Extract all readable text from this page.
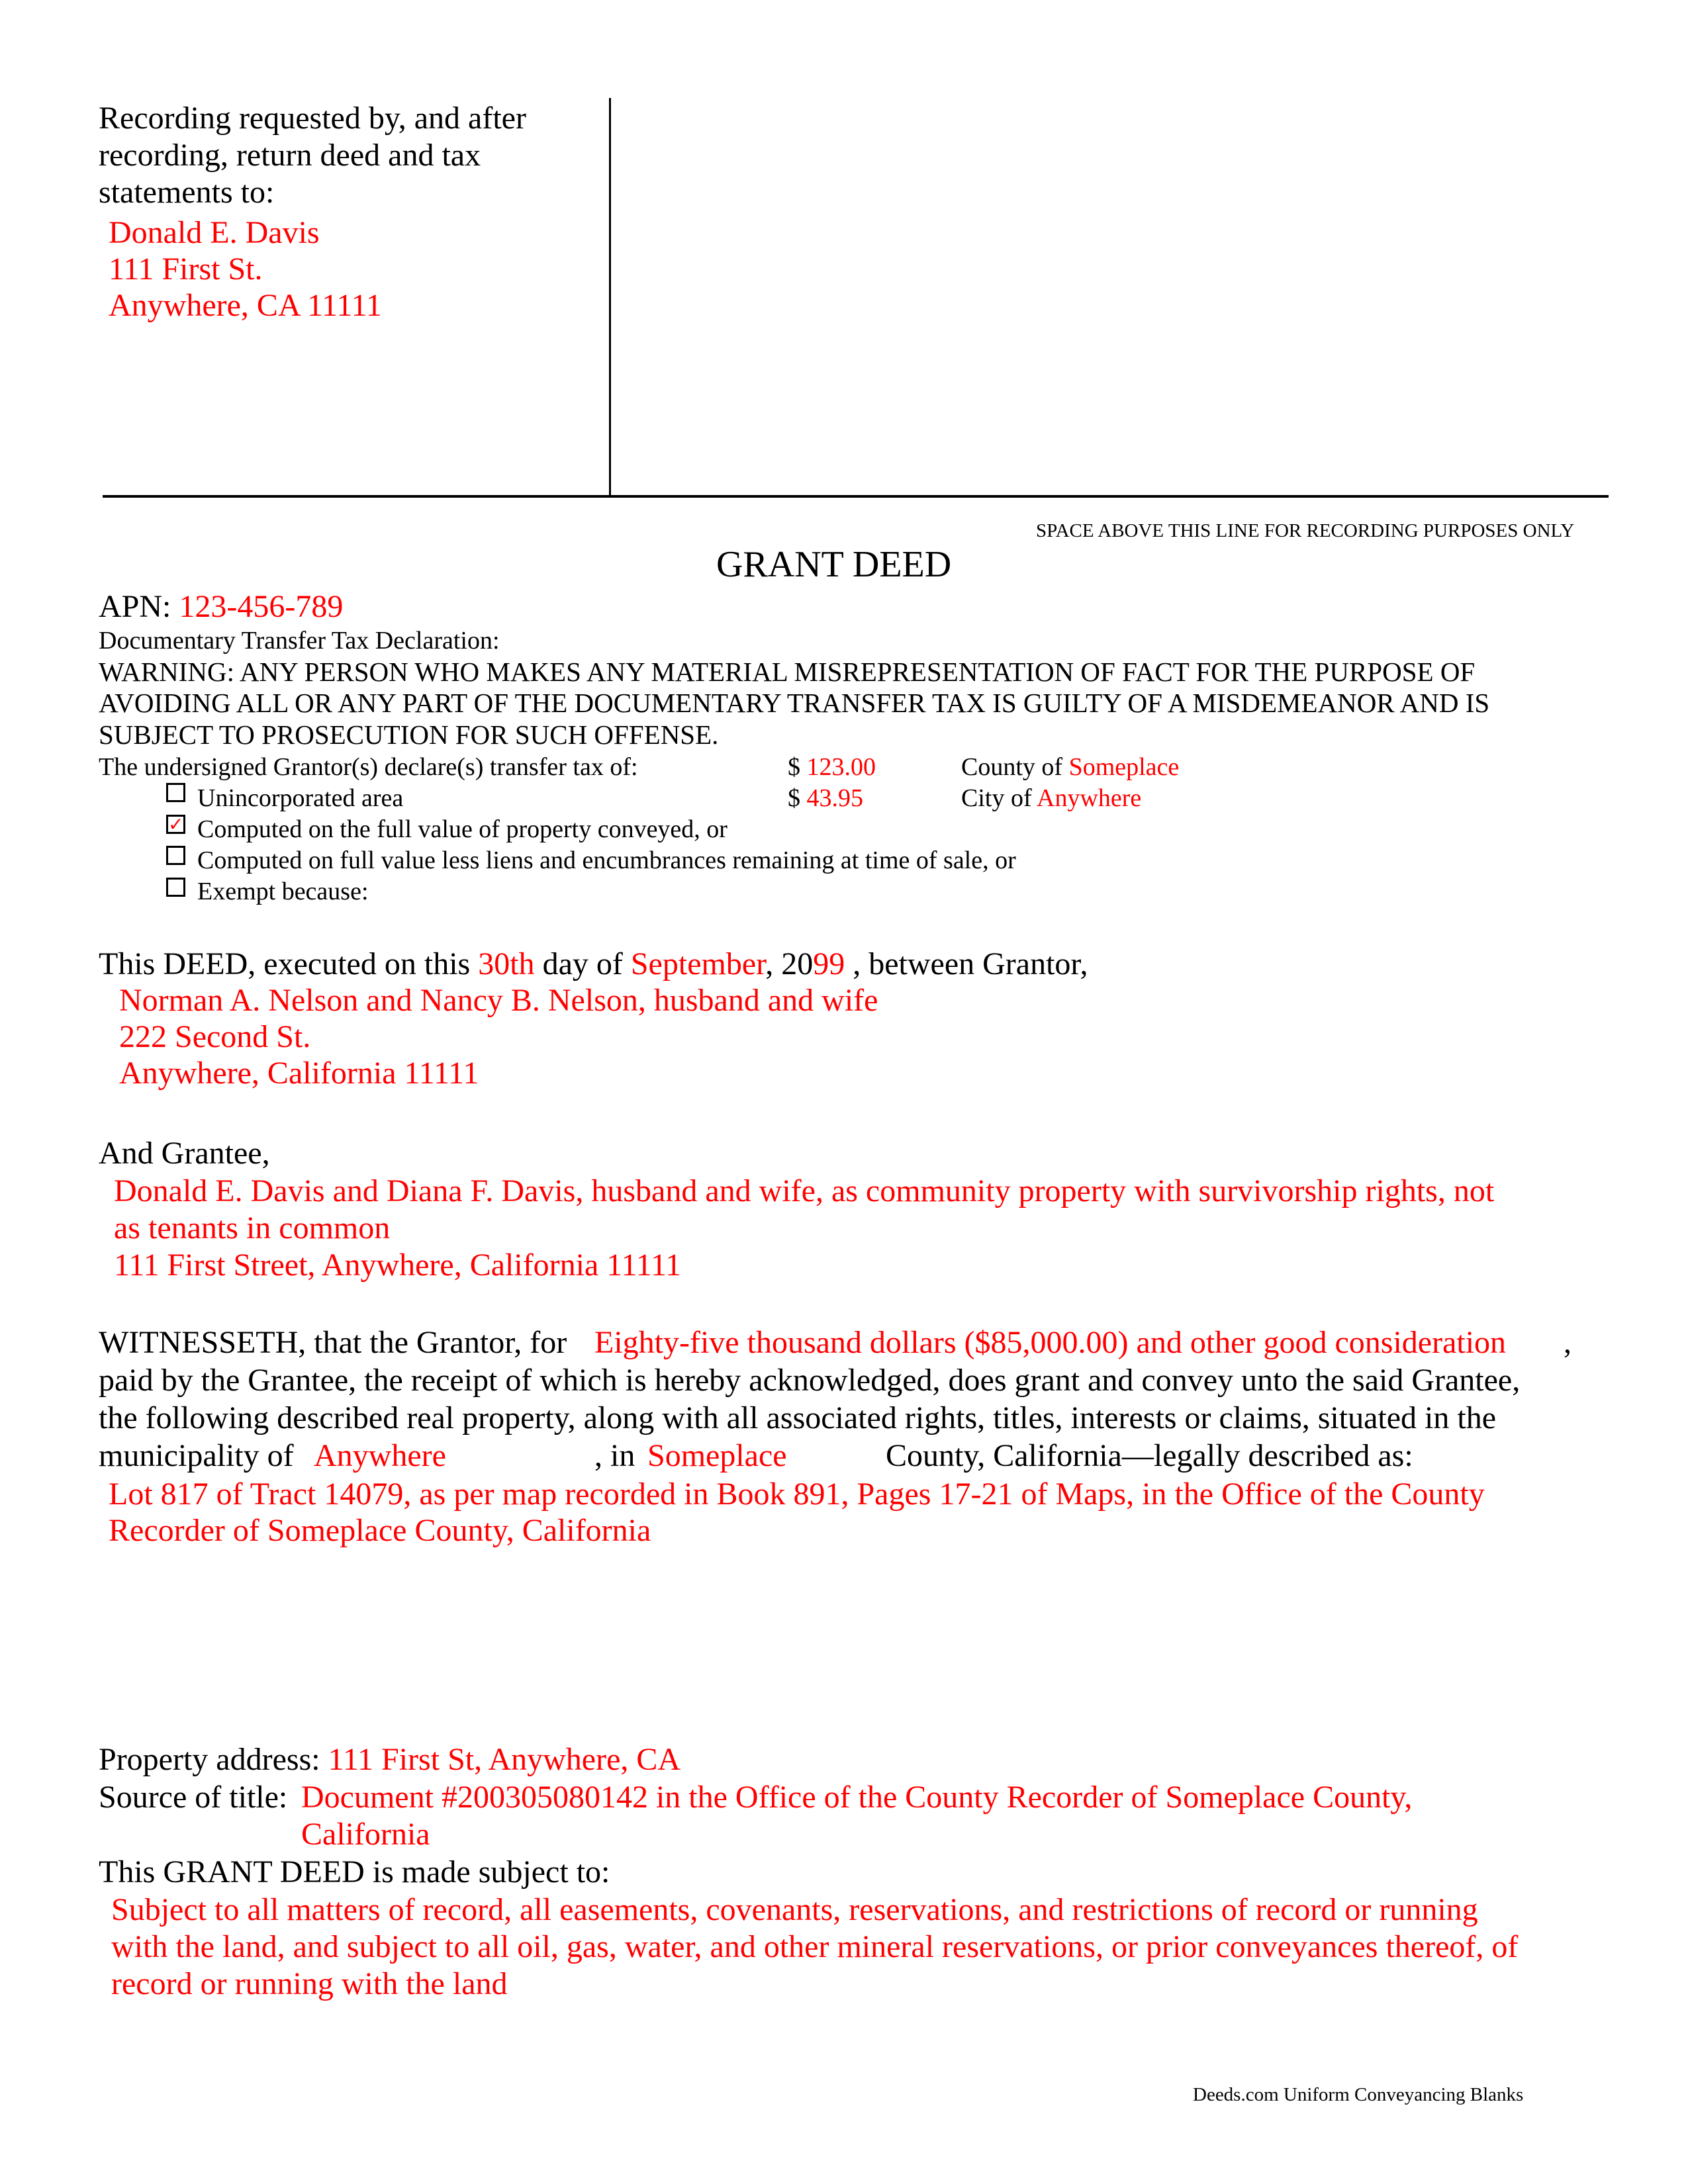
Recording requested by, and after
recording, return deed and tax
statements to:
Donald E. Davis
111 First St.
Anywhere, CA 11111
SPACE ABOVE THIS LINE FOR RECORDING PURPOSES ONLY
GRANT DEED
APN: 123-456-789
Documentary Transfer Tax Declaration:
WARNING: ANY PERSON WHO MAKES ANY MATERIAL MISREPRESENTATION OF FACT FOR THE PURPOSE OF
AVOIDING ALL OR ANY PART OF THE DOCUMENTARY TRANSFER TAX IS GUILTY OF A MISDEMEANOR AND IS
SUBJECT TO PROSECUTION FOR SUCH OFFENSE.
The undersigned Grantor(s) declare(s) transfer tax of:	$ 123.00	County of Someplace
Unincorporated area	$ 43.95	City of Anywhere
✓ Computed on the full value of property conveyed, or
Computed on full value less liens and encumbrances remaining at time of sale, or
Exempt because:
This DEED, executed on this 30th day of September, 2099 , between Grantor,
Norman A. Nelson and Nancy B. Nelson, husband and wife
222 Second St.
Anywhere, California 11111
And Grantee,
Donald E. Davis and Diana F. Davis, husband and wife, as community property with survivorship rights, not
as tenants in common
111 First Street, Anywhere, California 11111
WITNESSETH, that the Grantor, for Eighty-five thousand dollars ($85,000.00) and other good consideration ,
paid by the Grantee, the receipt of which is hereby acknowledged, does grant and convey unto the said Grantee,
the following described real property, along with all associated rights, titles, interests or claims, situated in the
municipality of Anywhere	, in Someplace	County, California—legally described as:
Lot 817 of Tract 14079, as per map recorded in Book 891, Pages 17-21 of Maps, in the Office of the County
Recorder of Someplace County, California
Property address: 111 First St, Anywhere, CA
Source of title: Document #200305080142 in the Office of the County Recorder of Someplace County,
California
This GRANT DEED is made subject to:
Subject to all matters of record, all easements, covenants, reservations, and restrictions of record or running
with the land, and subject to all oil, gas, water, and other mineral reservations, or prior conveyances thereof, of
record or running with the land
Deeds.com Uniform Conveyancing Blanks
